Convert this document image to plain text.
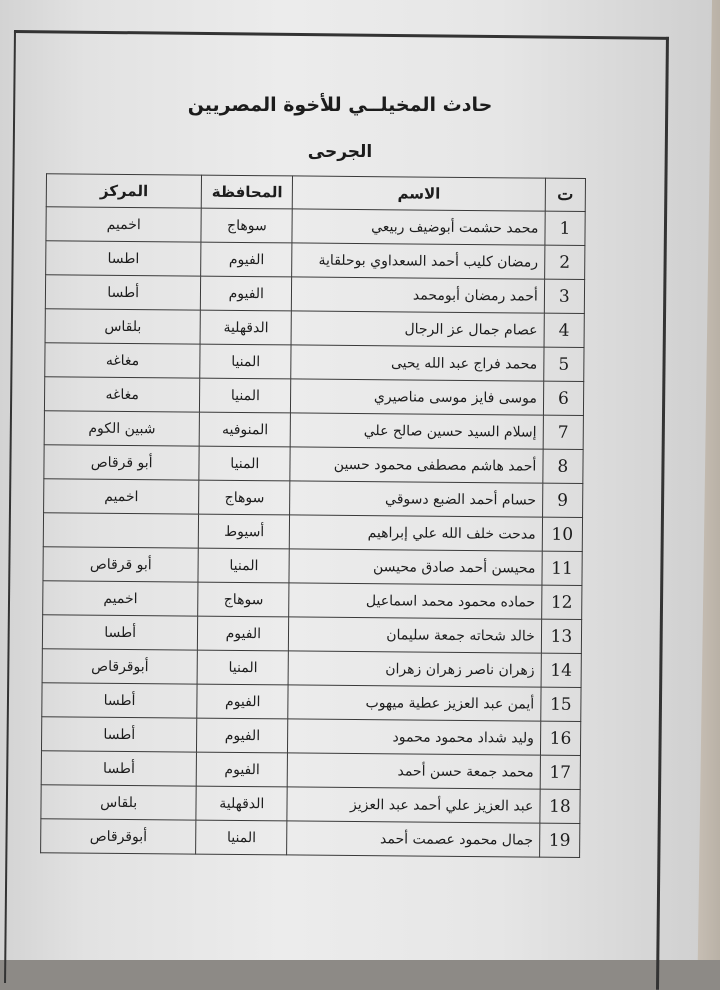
حادث المخيلــي للأخوة المصريين
الجرحى
ت	الاسم	المحافظة	المركز
1	محمد حشمت أبوضيف ربيعي	سوهاج	اخميم
2	رمضان كليب أحمد السعداوي بوحلقاية	الفيوم	اطسا
3	أحمد رمضان أبومحمد	الفيوم	أطسا
4	عصام جمال عز الرجال	الدقهلية	بلقاس
5	محمد فراج عبد الله يحيى	المنيا	مغاغه
6	موسى فايز موسى مناصيري	المنيا	مغاغه
7	إسلام السيد حسين صالح علي	المنوفيه	شبين الكوم
8	أحمد هاشم مصطفى محمود حسين	المنيا	أبو قرقاص
9	حسام أحمد الضبع دسوقي	سوهاج	اخميم
10	مدحت خلف الله علي إبراهيم	أسيوط	
11	محيسن أحمد صادق محيسن	المنيا	أبو قرقاص
12	حماده محمود محمد اسماعيل	سوهاج	اخميم
13	خالد شحاته جمعة سليمان	الفيوم	أطسا
14	زهران ناصر زهران زهران	المنيا	أبوقرقاص
15	أيمن عبد العزيز عطية ميهوب	الفيوم	أطسا
16	وليد شداد محمود محمود	الفيوم	أطسا
17	محمد جمعة حسن أحمد	الفيوم	أطسا
18	عبد العزيز علي أحمد عبد العزيز	الدقهلية	بلقاس
19	جمال محمود عصمت أحمد	المنيا	أبوقرقاص
